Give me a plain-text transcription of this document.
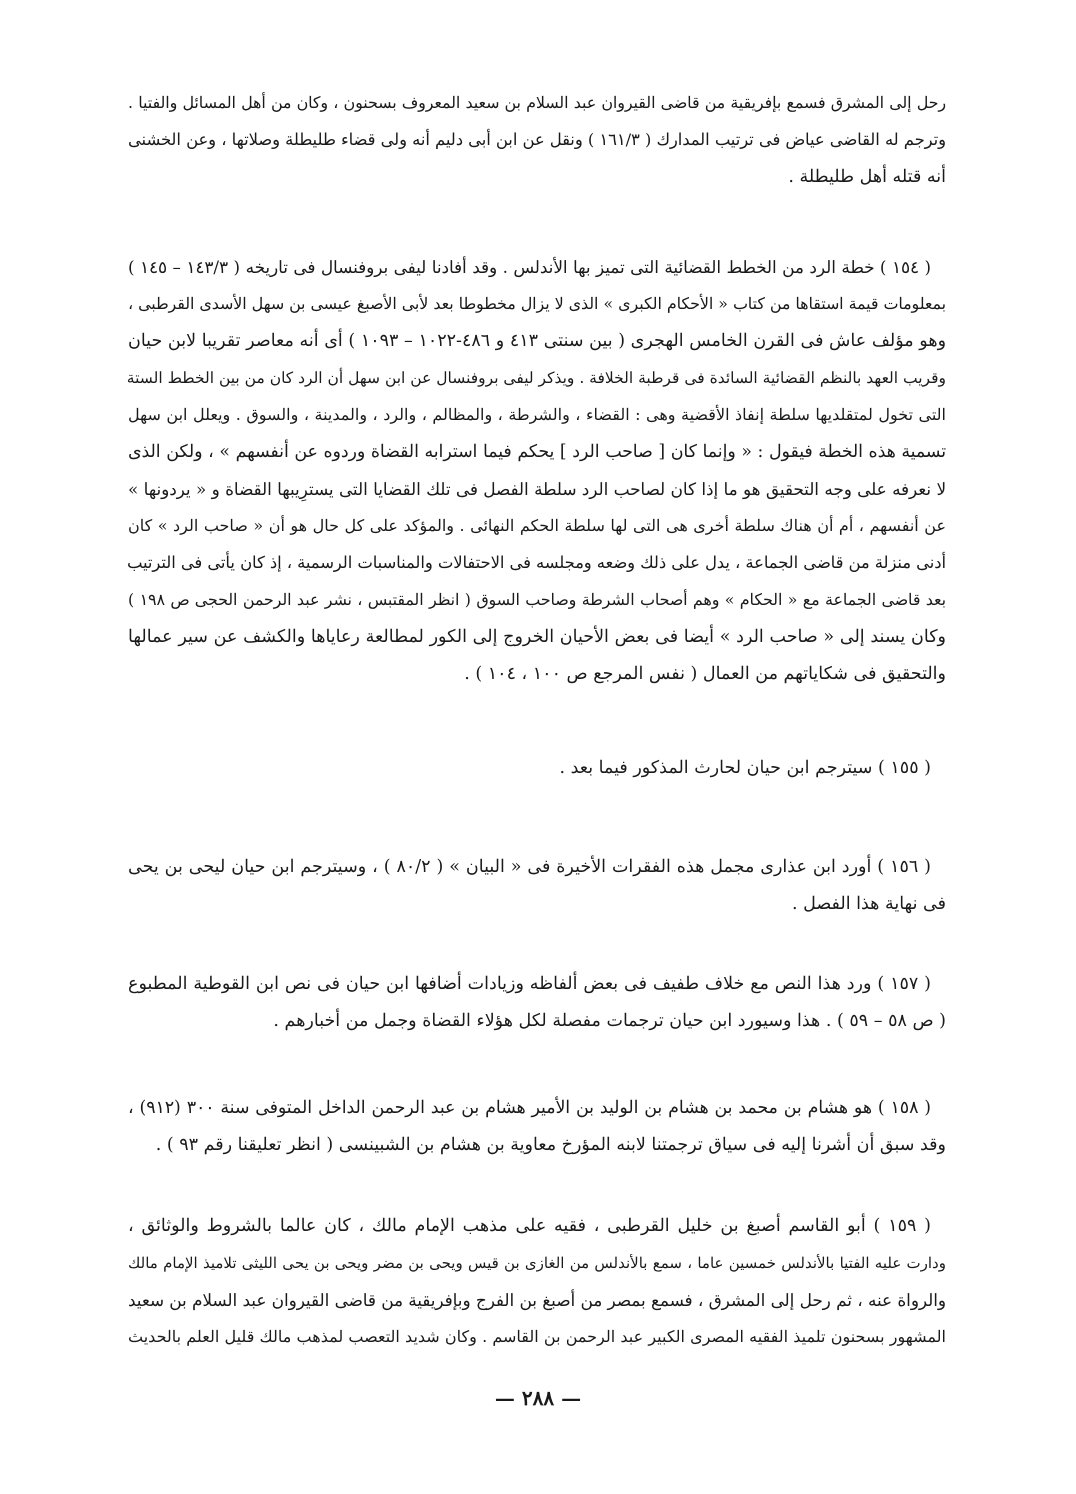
رحل إلى المشرق فسمع بإفريقية من قاضى القيروان عبد السلام بن سعيد المعروف بسحنون ، وكان من أهل المسائل والفتيا .
وترجم له القاضى عياض فى ترتيب المدارك ( ١٦١/٣ ) ونقل عن ابن أبى دليم أنه ولى قضاء طليطلة وصلاتها ، وعن الخشنى
أنه قتله أهل طليطلة .
( ١٥٤ ) خطة الرد من الخطط القضائية التى تميز بها الأندلس . وقد أفادنا ليفى بروفنسال فى تاريخه ( ١٤٣/٣ – ١٤٥ )
بمعلومات قيمة استقاها من كتاب « الأحكام الكبرى » الذى لا يزال مخطوطا بعد لأبى الأصبغ عيسى بن سهل الأسدى القرطبى ،
وهو مؤلف عاش فى القرن الخامس الهجرى ( بين سنتى ٤١٣ و ٤٨٦-١٠٢٢ – ١٠٩٣ ) أى أنه معاصر تقريبا لابن حيان
وقريب العهد بالنظم القضائية السائدة فى قرطبة الخلافة . ويذكر ليفى بروفنسال عن ابن سهل أن الرد كان من بين الخطط الستة
التى تخول لمتقلديها سلطة إنفاذ الأقضية وهى : القضاء ، والشرطة ، والمظالم ، والرد ، والمدينة ، والسوق . ويعلل ابن سهل
تسمية هذه الخطة فيقول : « وإنما كان [ صاحب الرد ] يحكم فيما استرابه القضاة وردوه عن أنفسهم » ، ولكن الذى
لا نعرفه على وجه التحقيق هو ما إذا كان لصاحب الرد سلطة الفصل فى تلك القضايا التى يسترِيبها القضاة و « يردونها »
عن أنفسهم ، أم أن هناك سلطة أخرى هى التى لها سلطة الحكم النهائى . والمؤكد على كل حال هو أن « صاحب الرد » كان
أدنى منزلة من قاضى الجماعة ، يدل على ذلك وضعه ومجلسه فى الاحتفالات والمناسبات الرسمية ، إذ كان يأتى فى الترتيب
بعد قاضى الجماعة مع « الحكام » وهم أصحاب الشرطة وصاحب السوق ( انظر المقتبس ، نشر عبد الرحمن الحجى ص ١٩٨ )
وكان يسند إلى « صاحب الرد » أيضا فى بعض الأحيان الخروج إلى الكور لمطالعة رعاياها والكشف عن سير عمالها
والتحقيق فى شكاياتهم من العمال ( نفس المرجع ص ١٠٠ ، ١٠٤ ) .
( ١٥٥ ) سيترجم ابن حيان لحارث المذكور فيما بعد .
( ١٥٦ ) أورد ابن عذارى مجمل هذه الفقرات الأخيرة فى « البيان » ( ٨٠/٢ ) ، وسيترجم ابن حيان ليحى بن يحى
فى نهاية هذا الفصل .
( ١٥٧ ) ورد هذا النص مع خلاف طفيف فى بعض ألفاظه وزيادات أضافها ابن حيان فى نص ابن القوطية المطبوع
( ص ٥٨ – ٥٩ ) . هذا وسيورد ابن حيان ترجمات مفصلة لكل هؤلاء القضاة وجمل من أخبارهم .
( ١٥٨ ) هو هشام بن محمد بن هشام بن الوليد بن الأمير هشام بن عبد الرحمن الداخل المتوفى سنة ٣٠٠ (٩١٢) ،
وقد سبق أن أشرنا إليه فى سياق ترجمتنا لابنه المؤرخ معاوية بن هشام بن الشبينسى ( انظر تعليقنا رقم ٩٣ ) .
( ١٥٩ ) أبو القاسم أصبغ بن خليل القرطبى ، فقيه على مذهب الإمام مالك ، كان عالما بالشروط والوثائق ،
ودارت عليه الفتيا بالأندلس خمسين عاما ، سمع بالأندلس من الغازى بن قيس ويحى بن مضر ويحى بن يحى الليثى تلاميذ الإمام مالك
والرواة عنه ، ثم رحل إلى المشرق ، فسمع بمصر من أصبغ بن الفرج وبإفريقية من قاضى القيروان عبد السلام بن سعيد
المشهور بسحنون تلميذ الفقيه المصرى الكبير عبد الرحمن بن القاسم . وكان شديد التعصب لمذهب مالك قليل العلم بالحديث
— ٢٨٨ —
